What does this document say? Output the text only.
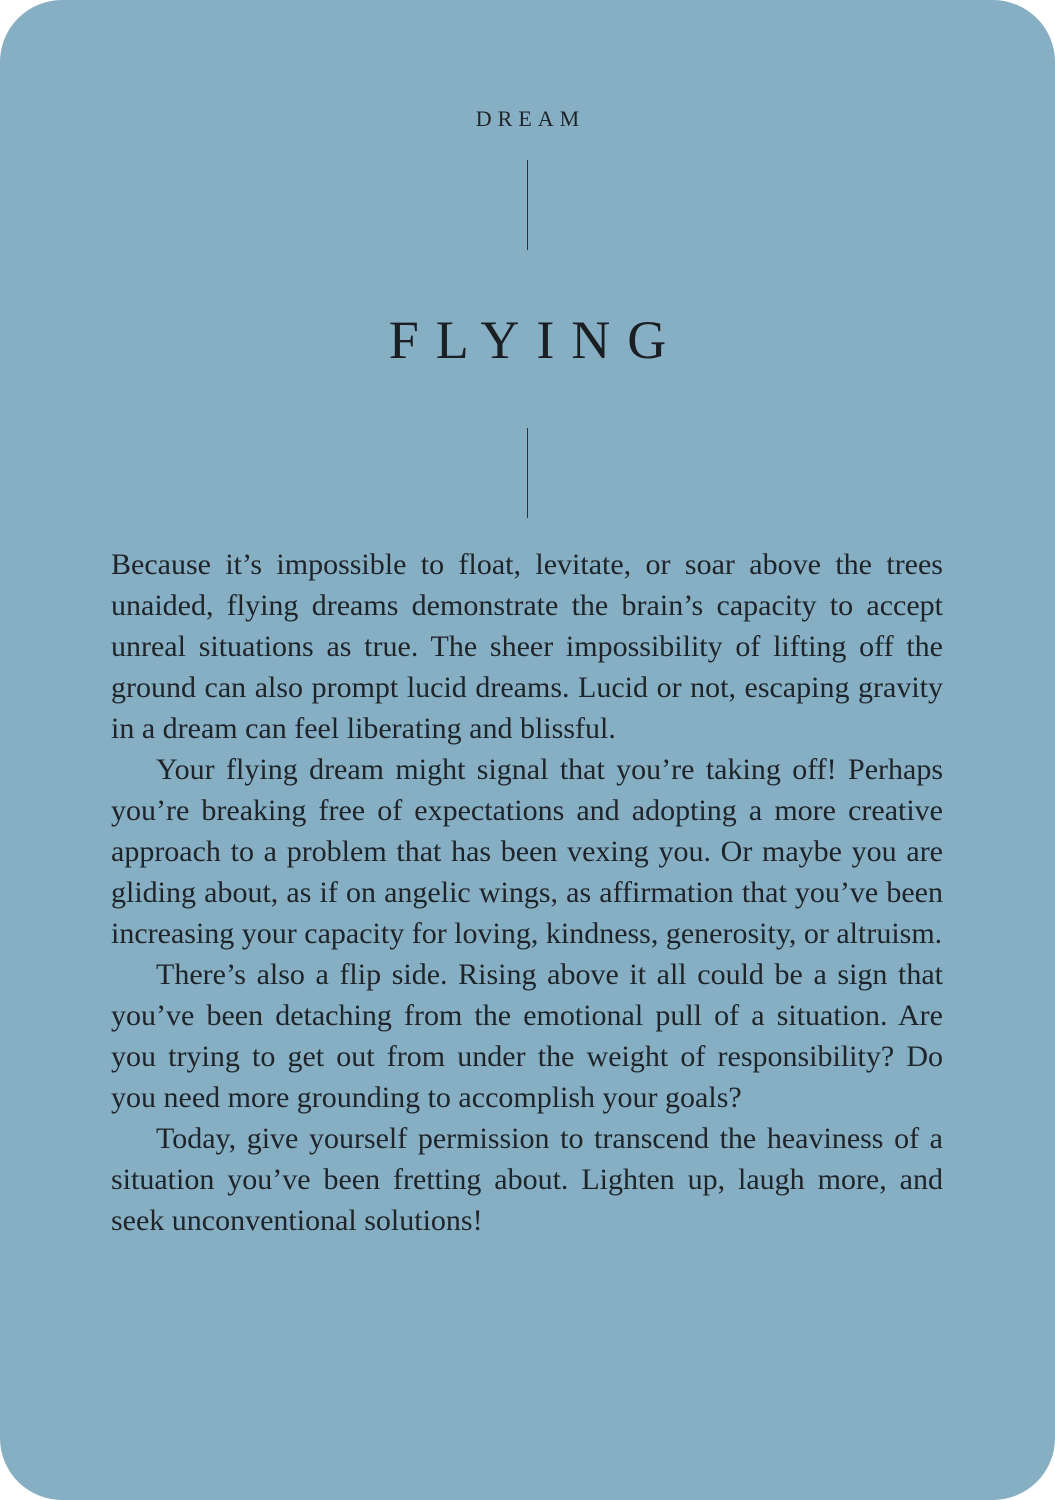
DREAM
FLYING

Because it’s impossible to float, levitate, or soar above the trees unaided, flying dreams demonstrate the brain’s capacity to accept unreal situations as true. The sheer impossibility of lifting off the ground can also prompt lucid dreams. Lucid or not, escaping gravity in a dream can feel liberating and blissful.

Your flying dream might signal that you’re taking off! Perhaps you’re breaking free of expectations and adopting a more creative approach to a problem that has been vexing you. Or maybe you are gliding about, as if on angelic wings, as affirmation that you’ve been increasing your capacity for loving, kindness, generosity, or altruism.

There’s also a flip side. Rising above it all could be a sign that you’ve been detaching from the emotional pull of a situation. Are you trying to get out from under the weight of responsibility? Do you need more grounding to accomplish your goals?

Today, give yourself permission to transcend the heaviness of a situation you’ve been fretting about. Lighten up, laugh more, and seek unconventional solutions!
